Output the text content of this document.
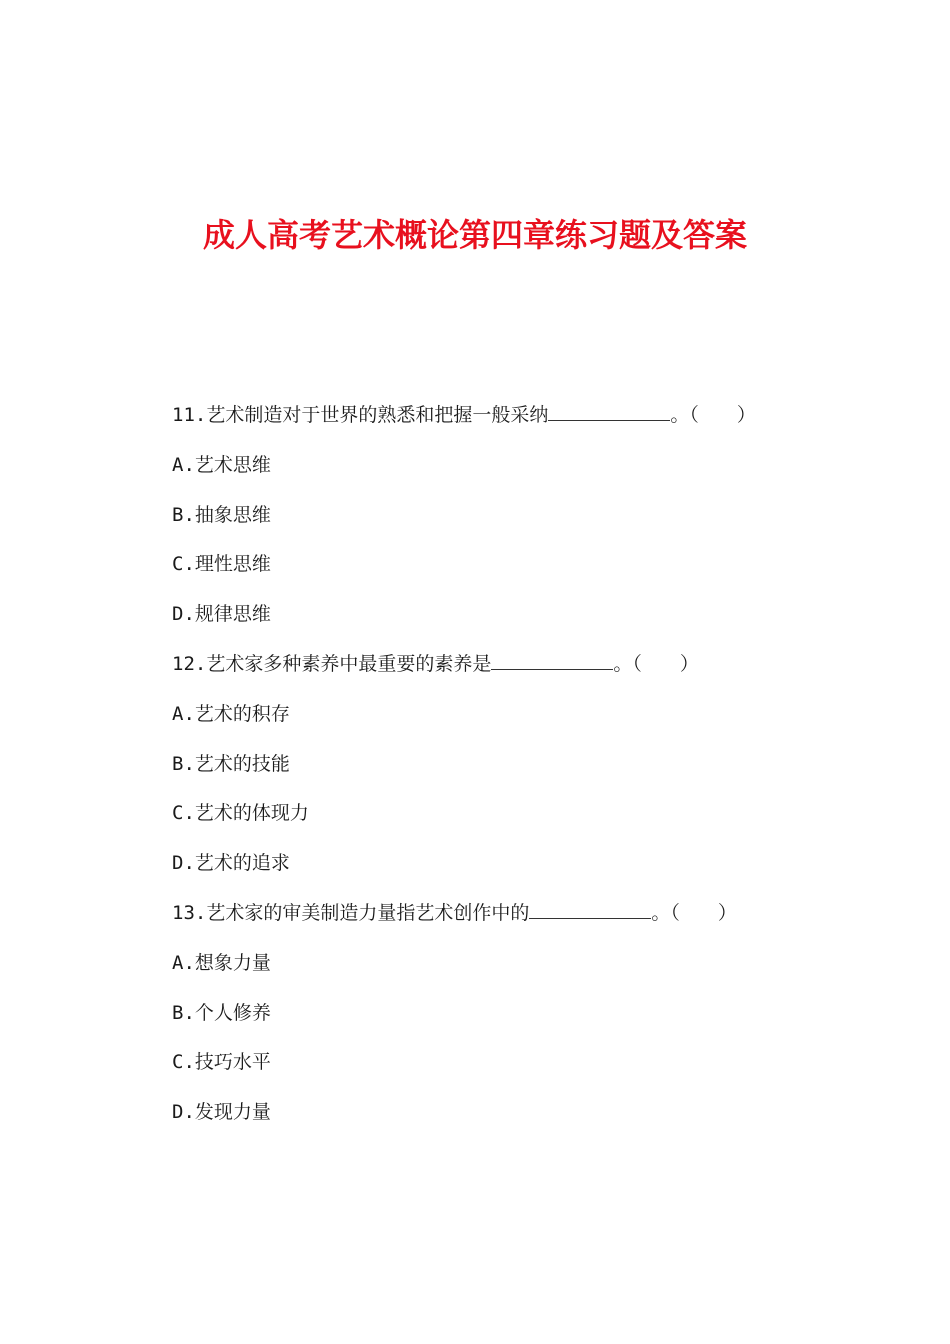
成人高考艺术概论第四章练习题及答案
11.艺术制造对于世界的熟悉和把握一般采纳	。（　　）
A.艺术思维
B.抽象思维
C.理性思维
D.规律思维
12.艺术家多种素养中最重要的素养是	。（　　）
A.艺术的积存
B.艺术的技能
C.艺术的体现力
D.艺术的追求
13.艺术家的审美制造力量指艺术创作中的	。（　　）
A.想象力量
B.个人修养
C.技巧水平
D.发现力量
